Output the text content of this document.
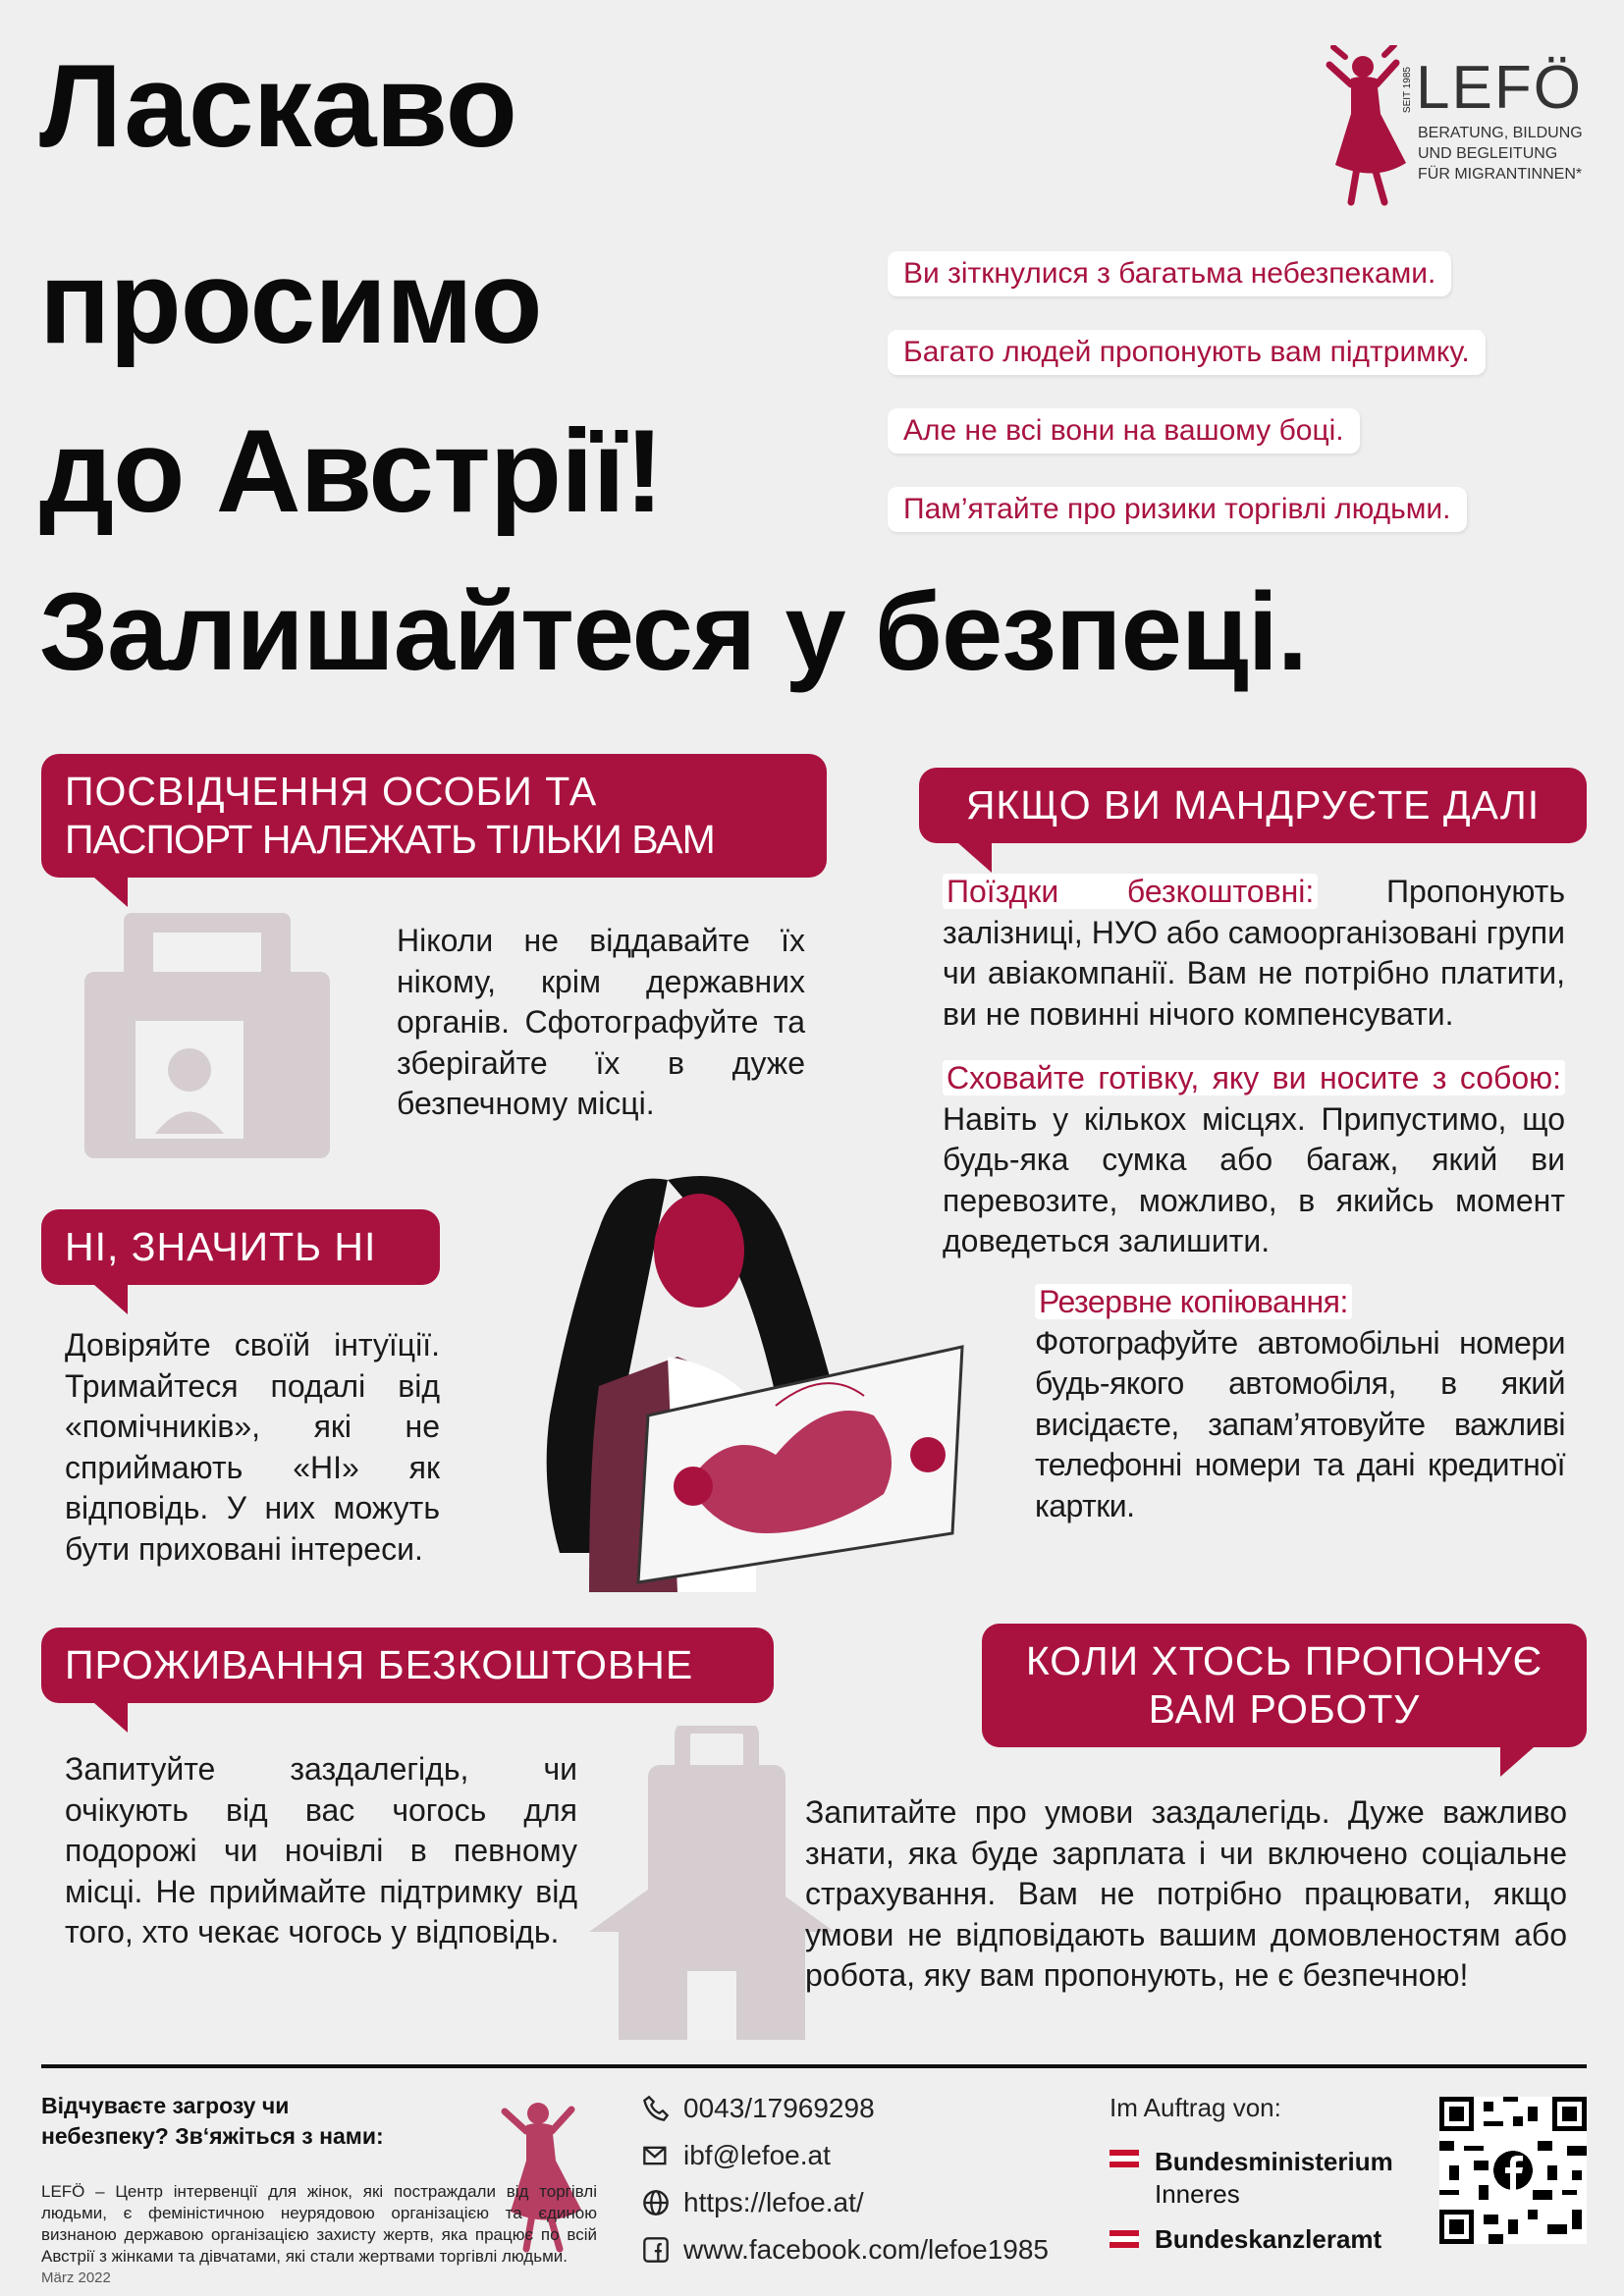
Ласкаво
просимо
до Австрії!
Залишайтеся у безпеці.
SEIT 1985 LEFÖ
BERATUNG, BILDUNG
UND BEGLEITUNG
FÜR MIGRANTINNEN*
Ви зіткнулися з багатьма небезпеками.
Багато людей пропонують вам підтримку.
Але не всі вони на вашому боці.
Пам’ятайте про ризики торгівлі людьми.
ПОСВІДЧЕННЯ ОСОБИ ТА
ПАСПОРТ НАЛЕЖАТЬ ТІЛЬКИ ВАМ
Ніколи не віддавайте їх нікому, крім державних органів. Сфотографуйте та зберігайте їх в дуже безпечному місці.
НІ, ЗНАЧИТЬ НІ
Довіряйте своїй інтуїції. Тримайтеся подалі від «помічників», які не сприймають «НІ» як відповідь. У них можуть бути приховані інтереси.
ЯКЩО ВИ МАНДРУЄТЕ ДАЛІ
Поїздки безкоштовні: Пропонують залізниці, НУО або самоорганізовані групи чи авіакомпанії. Вам не потрібно платити, ви не повинні нічого компенсувати.
Сховайте готівку, яку ви носите з собою: Навіть у кількох місцях. Припустимо, що будь-яка сумка або багаж, який ви перевозите, можливо, в якийсь момент доведеться залишити.
Резервне копіювання:
Фотографуйте автомобільні номери будь-якого автомобіля, в який висідаєте, запам’ятовуйте важливі телефонні номери та дані кредитної картки.
ПРОЖИВАННЯ БЕЗКОШТОВНЕ
Запитуйте заздалегідь, чи очікують від вас чогось для подорожі чи ночівлі в певному місці. Не приймайте підтримку від того, хто чекає чогось у відповідь.
КОЛИ ХТОСЬ ПРОПОНУЄ
ВАМ РОБОТУ
Запитайте про умови заздалегідь. Дуже важливо знати, яка буде зарплата і чи включено соціальне страхування. Вам не потрібно працювати, якщо умови не відповідають вашим домовленостям або робота, яку вам пропонують, не є безпечною!
Відчуваєте загрозу чи
небезпеку? Зв‘яжіться з нами:
LEFÖ – Центр інтервенції для жінок, які постраждали від торгівлі людьми, є феміністичною неурядовою організацією та єдиною визнаною державою організацією захисту жертв, яка працює по всій Австрії з жінками та дівчатами, які стали жертвами торгівлі людьми.
März 2022
0043/17969298
ibf@lefoe.at
https://lefoe.at/
www.facebook.com/lefoe1985
Im Auftrag von:
Bundesministerium
Inneres
Bundeskanzleramt
